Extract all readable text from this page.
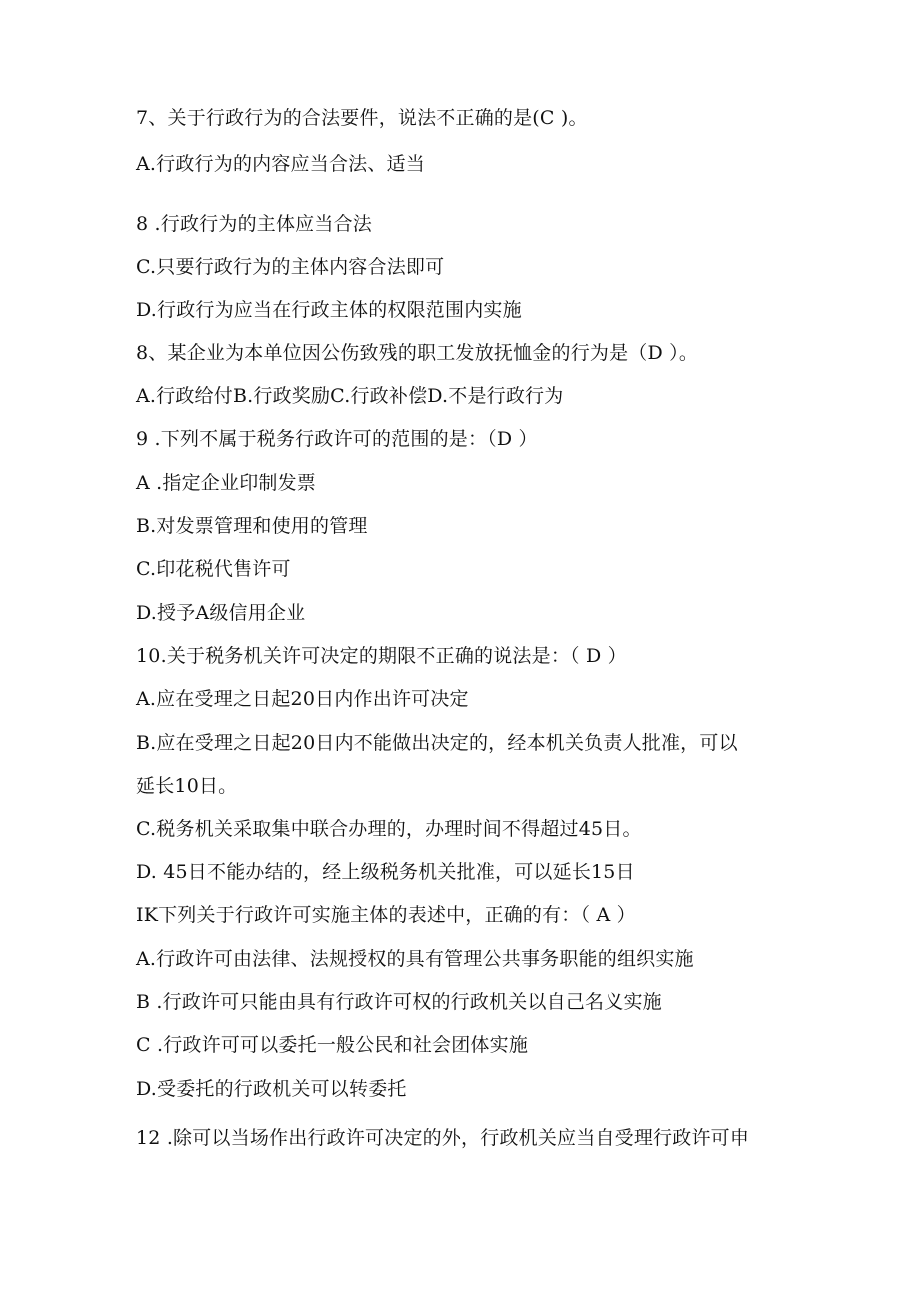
7、关于行政行为的合法要件，说法不正确的是(C )。
A.行政行为的内容应当合法、适当
8 .行政行为的主体应当合法
C.只要行政行为的主体内容合法即可
D.行政行为应当在行政主体的权限范围内实施
8、某企业为本单位因公伤致残的职工发放抚恤金的行为是（D ）。
A.行政给付B.行政奖励C.行政补偿D.不是行政行为
9 .下列不属于税务行政许可的范围的是：（D ）
A .指定企业印制发票
B.对发票管理和使用的管理
C.印花税代售许可
D.授予A级信用企业
10.关于税务机关许可决定的期限不正确的说法是：（ D ）
A.应在受理之日起20日内作出许可决定
B.应在受理之日起20日内不能做出决定的，经本机关负责人批准，可以
延长10日。
C.税务机关采取集中联合办理的，办理时间不得超过45日。
D. 45日不能办结的，经上级税务机关批准，可以延长15日
IK下列关于行政许可实施主体的表述中，正确的有：（ A ）
A.行政许可由法律、法规授权的具有管理公共事务职能的组织实施
B .行政许可只能由具有行政许可权的行政机关以自己名义实施
C .行政许可可以委托一般公民和社会团体实施
D.受委托的行政机关可以转委托
12 .除可以当场作出行政许可决定的外，行政机关应当自受理行政许可申
